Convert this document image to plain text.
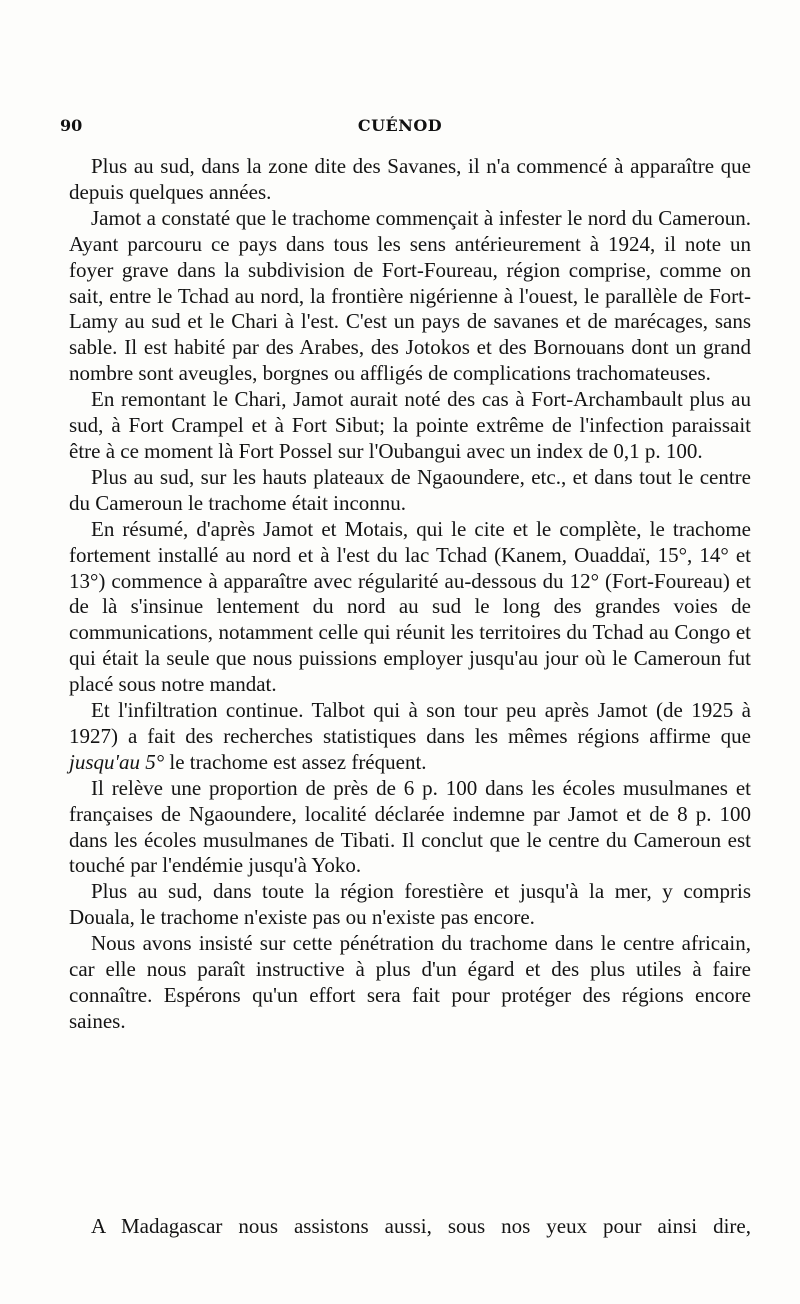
90	CUÉNOD

Plus au sud, dans la zone dite des Savanes, il n'a commencé à apparaître que depuis quelques années.

Jamot a constaté que le trachome commençait à infester le nord du Cameroun. Ayant parcouru ce pays dans tous les sens antérieurement à 1924, il note un foyer grave dans la subdivision de Fort-Foureau, région comprise, comme on sait, entre le Tchad au nord, la frontière nigérienne à l'ouest, le parallèle de Fort-Lamy au sud et le Chari à l'est. C'est un pays de savanes et de marécages, sans sable. Il est habité par des Arabes, des Jotokos et des Bornouans dont un grand nombre sont aveugles, borgnes ou affligés de complications trachomateuses.

En remontant le Chari, Jamot aurait noté des cas à Fort-Archambault plus au sud, à Fort Crampel et à Fort Sibut; la pointe extrême de l'infection paraissait être à ce moment là Fort Possel sur l'Oubangui avec un index de 0,1 p. 100.

Plus au sud, sur les hauts plateaux de Ngaoundere, etc., et dans tout le centre du Cameroun le trachome était inconnu.

En résumé, d'après Jamot et Motais, qui le cite et le complète, le trachome fortement installé au nord et à l'est du lac Tchad (Kanem, Ouaddaï, 15°, 14° et 13°) commence à apparaître avec régularité au-dessous du 12° (Fort-Foureau) et de là s'insinue lentement du nord au sud le long des grandes voies de communications, notamment celle qui réunit les territoires du Tchad au Congo et qui était la seule que nous puissions employer jusqu'au jour où le Cameroun fut placé sous notre mandat.

Et l'infiltration continue. Talbot qui à son tour peu après Jamot (de 1925 à 1927) a fait des recherches statistiques dans les mêmes régions affirme que jusqu'au 5° le trachome est assez fréquent.

Il relève une proportion de près de 6 p. 100 dans les écoles musulmanes et françaises de Ngaoundere, localité déclarée indemne par Jamot et de 8 p. 100 dans les écoles musulmanes de Tibati. Il conclut que le centre du Cameroun est touché par l'endémie jusqu'à Yoko.

Plus au sud, dans toute la région forestière et jusqu'à la mer, y compris Douala, le trachome n'existe pas ou n'existe pas encore.

Nous avons insisté sur cette pénétration du trachome dans le centre africain, car elle nous paraît instructive à plus d'un égard et des plus utiles à faire connaître. Espérons qu'un effort sera fait pour protéger des régions encore saines.

A Madagascar nous assistons aussi, sous nos yeux pour ainsi dire,
